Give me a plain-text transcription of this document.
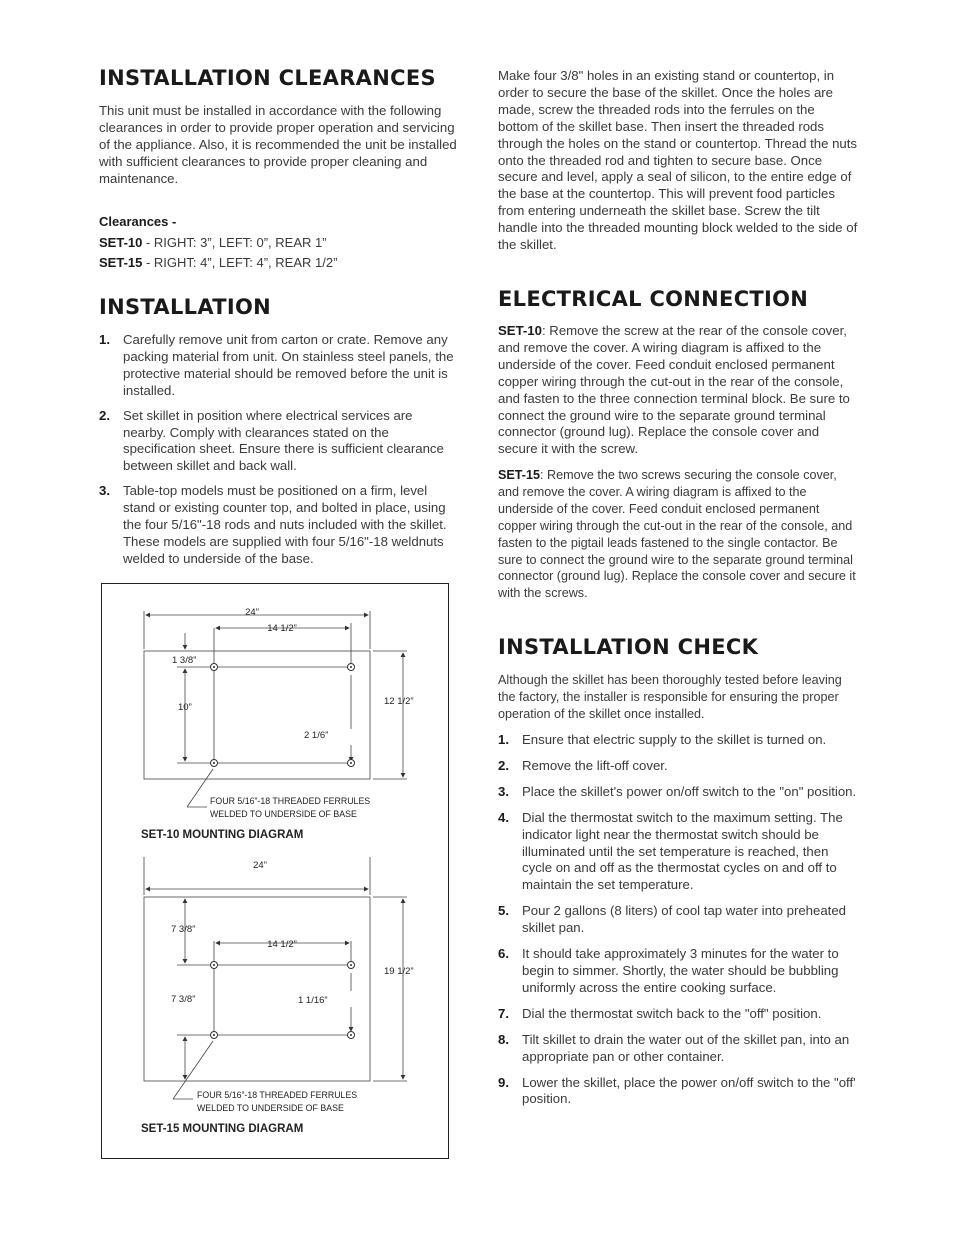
INSTALLATION CLEARANCES

This unit must be installed in accordance with the following clearances in order to provide proper operation and servicing of the appliance. Also, it is recommended the unit be installed with sufficient clearances to provide proper cleaning and maintenance.

Clearances -
SET-10 - RIGHT: 3”, LEFT: 0”, REAR 1”
SET-15 - RIGHT: 4”, LEFT: 4”, REAR 1/2”
INSTALLATION
1. Carefully remove unit from carton or crate. Remove any packing material from unit. On stainless steel panels, the protective material should be removed before the unit is installed.
2. Set skillet in position where electrical services are nearby. Comply with clearances stated on the specification sheet. Ensure there is sufficient clearance between skillet and back wall.
3. Table-top models must be positioned on a firm, level stand or existing counter top, and bolted in place, using the four 5/16"-18 rods and nuts included with the skillet. These models are supplied with four 5/16"-18 weldnuts welded to underside of the base.
24”
14 1/2”
1 3/8”
10”
12 1/2”
2 1/6”
FOUR 5/16”-18 THREADED FERRULES
WELDED TO UNDERSIDE OF BASE
SET-10 MOUNTING DIAGRAM
24”
14 1/2”
7 3/8”
7 3/8”
19 1/2”
1 1/16”
FOUR 5/16”-18 THREADED FERRULES
WELDED TO UNDERSIDE OF BASE
SET-15 MOUNTING DIAGRAM

Make four 3/8" holes in an existing stand or countertop, in order to secure the base of the skillet. Once the holes are made, screw the threaded rods into the ferrules on the bottom of the skillet base. Then insert the threaded rods through the holes on the stand or countertop. Thread the nuts onto the threaded rod and tighten to secure base. Once secure and level, apply a seal of silicon, to the entire edge of the base at the countertop. This will prevent food particles from entering underneath the skillet base. Screw the tilt handle into the threaded mounting block welded to the side of the skillet.

ELECTRICAL CONNECTION

SET-10: Remove the screw at the rear of the console cover, and remove the cover. A wiring diagram is affixed to the underside of the cover. Feed conduit enclosed permanent copper wiring through the cut-out in the rear of the console, and fasten to the three connection terminal block. Be sure to connect the ground wire to the separate ground terminal connector (ground lug). Replace the console cover and secure it with the screw.

SET-15: Remove the two screws securing the console cover, and remove the cover. A wiring diagram is affixed to the underside of the cover. Feed conduit enclosed permanent copper wiring through the cut-out in the rear of the console, and fasten to the pigtail leads fastened to the single contactor. Be sure to connect the ground wire to the separate ground terminal connector (ground lug). Replace the console cover and secure it with the screws.

INSTALLATION CHECK

Although the skillet has been thoroughly tested before leaving the factory, the installer is responsible for ensuring the proper operation of the skillet once installed.

1. Ensure that electric supply to the skillet is turned on.
2. Remove the lift-off cover.
3. Place the skillet's power on/off switch to the "on" position.
4. Dial the thermostat switch to the maximum setting. The indicator light near the thermostat switch should be illuminated until the set temperature is reached, then cycle on and off as the thermostat cycles on and off to maintain the set temperature.
5. Pour 2 gallons (8 liters) of cool tap water into preheated skillet pan.
6. It should take approximately 3 minutes for the water to begin to simmer. Shortly, the water should be bubbling uniformly across the entire cooking surface.
7. Dial the thermostat switch back to the "off" position.
8. Tilt skillet to drain the water out of the skillet pan, into an appropriate pan or other container.
9. Lower the skillet, place the power on/off switch to the "off' position.
